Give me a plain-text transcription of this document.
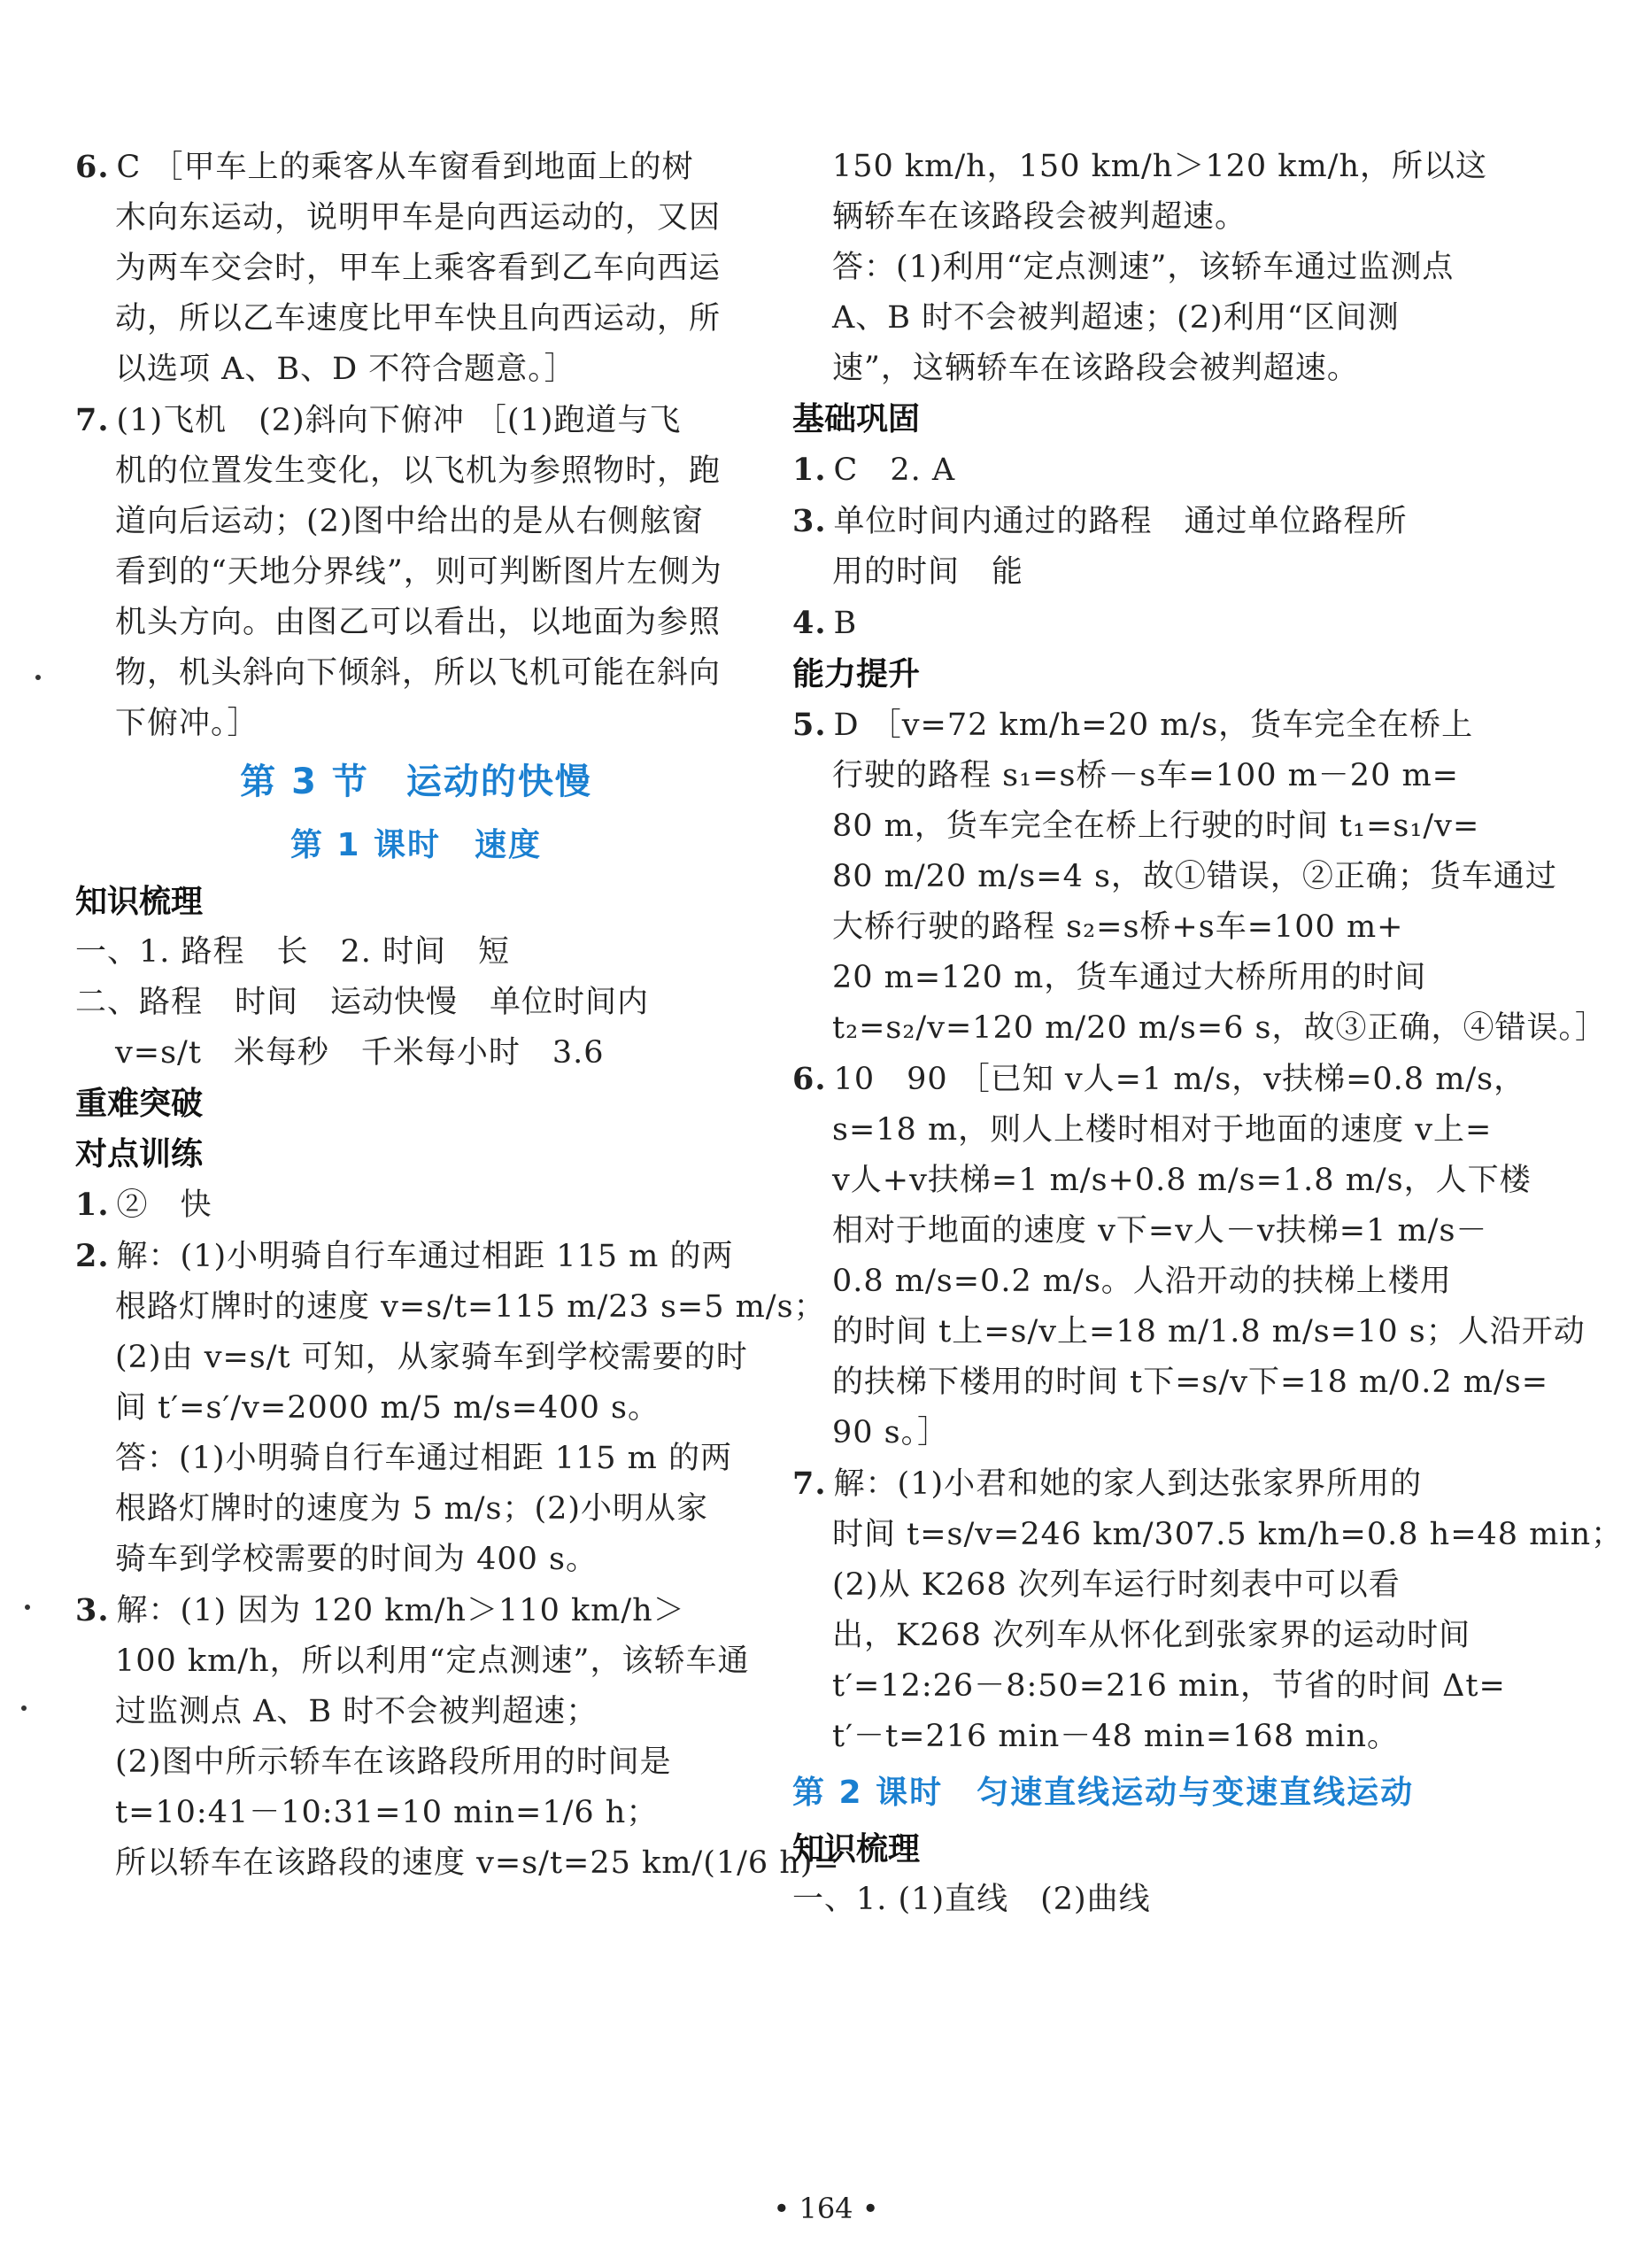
6. C ［甲车上的乘客从车窗看到地面上的树
木向东运动，说明甲车是向西运动的，又因
为两车交会时，甲车上乘客看到乙车向西运
动，所以乙车速度比甲车快且向西运动，所
以选项 A、B、D 不符合题意。］
7. (1)飞机　(2)斜向下俯冲 ［(1)跑道与飞
机的位置发生变化，以飞机为参照物时，跑
道向后运动；(2)图中给出的是从右侧舷窗
看到的“天地分界线”，则可判断图片左侧为
机头方向。由图乙可以看出，以地面为参照
物，机头斜向下倾斜，所以飞机可能在斜向
下俯冲。］
第 3 节　运动的快慢
第 1 课时　速度
知识梳理
一、1. 路程　长　2. 时间　短
二、路程　时间　运动快慢　单位时间内
v=s/t　米每秒　千米每小时　3.6
重难突破
对点训练
1. ②　快
2. 解：(1)小明骑自行车通过相距 115 m 的两
根路灯牌时的速度 v=s/t=115 m/23 s=5 m/s；
(2)由 v=s/t 可知，从家骑车到学校需要的时
间 t′=s′/v=2000 m/5 m/s=400 s。
答：(1)小明骑自行车通过相距 115 m 的两
根路灯牌时的速度为 5 m/s；(2)小明从家
骑车到学校需要的时间为 400 s。
3. 解：(1) 因为 120 km/h＞110 km/h＞
100 km/h，所以利用“定点测速”，该轿车通
过监测点 A、B 时不会被判超速；
(2)图中所示轿车在该路段所用的时间是
t=10:41－10:31=10 min=1/6 h；
所以轿车在该路段的速度 v=s/t=25 km/(1/6 h)=
150 km/h，150 km/h＞120 km/h，所以这
辆轿车在该路段会被判超速。
答：(1)利用“定点测速”，该轿车通过监测点
A、B 时不会被判超速；(2)利用“区间测
速”，这辆轿车在该路段会被判超速。
基础巩固
1. C　2. A
3. 单位时间内通过的路程　通过单位路程所
用的时间　能
4. B
能力提升
5. D ［v=72 km/h=20 m/s，货车完全在桥上
行驶的路程 s₁=s桥－s车=100 m－20 m=
80 m，货车完全在桥上行驶的时间 t₁=s₁/v=
80 m/20 m/s=4 s，故①错误，②正确；货车通过
大桥行驶的路程 s₂=s桥+s车=100 m+
20 m=120 m，货车通过大桥所用的时间
t₂=s₂/v=120 m/20 m/s=6 s，故③正确，④错误。］
6. 10　90 ［已知 v人=1 m/s，v扶梯=0.8 m/s，
s=18 m，则人上楼时相对于地面的速度 v上=
v人+v扶梯=1 m/s+0.8 m/s=1.8 m/s，人下楼
相对于地面的速度 v下=v人－v扶梯=1 m/s－
0.8 m/s=0.2 m/s。人沿开动的扶梯上楼用
的时间 t上=s/v上=18 m/1.8 m/s=10 s；人沿开动
的扶梯下楼用的时间 t下=s/v下=18 m/0.2 m/s=
90 s。］
7. 解：(1)小君和她的家人到达张家界所用的
时间 t=s/v=246 km/307.5 km/h=0.8 h=48 min；
(2)从 K268 次列车运行时刻表中可以看
出，K268 次列车从怀化到张家界的运动时间
t′=12:26－8:50=216 min，节省的时间 Δt=
t′－t=216 min－48 min=168 min。
第 2 课时　匀速直线运动与变速直线运动
知识梳理
一、1. (1)直线　(2)曲线
• 164 •
